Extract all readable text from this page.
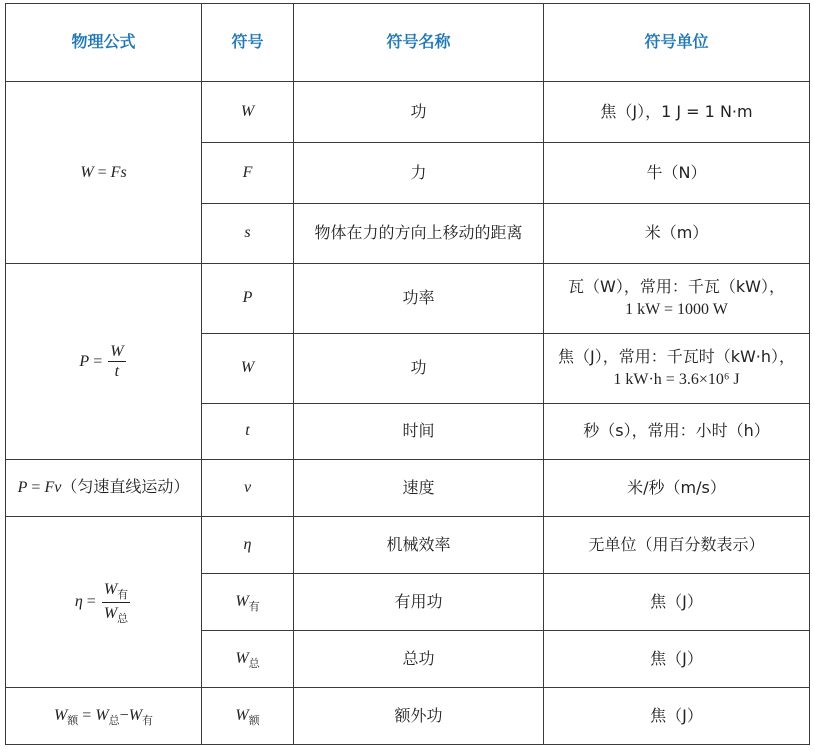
物理公式	符号	符号名称	符号单位
W = Fs	W	功	焦（J），1 J = 1 N·m
	F	力	牛（N）
	s	物体在力的方向上移动的距离	米（m）
$P = \frac{W}{t}$	P	功率	瓦（W），常用：千瓦（kW），
1 kW = 1000 W

	W	功	焦（J），常用：千瓦时（kW·h），
1 kW·h = 3.6×10⁶ J

	t	时间	秒（s），常用：小时（h）
P = Fv（匀速直线运动）	v	速度	米/秒（m/s）
$\eta = \frac{W_有}{W_总}$	η	机械效率	无单位（用百分数表示）
	$W_有$	有用功	焦（J）
	$W_总$	总功	焦（J）
$W_额 = W_总-W_有$	$W_额$	额外功	焦（J）
